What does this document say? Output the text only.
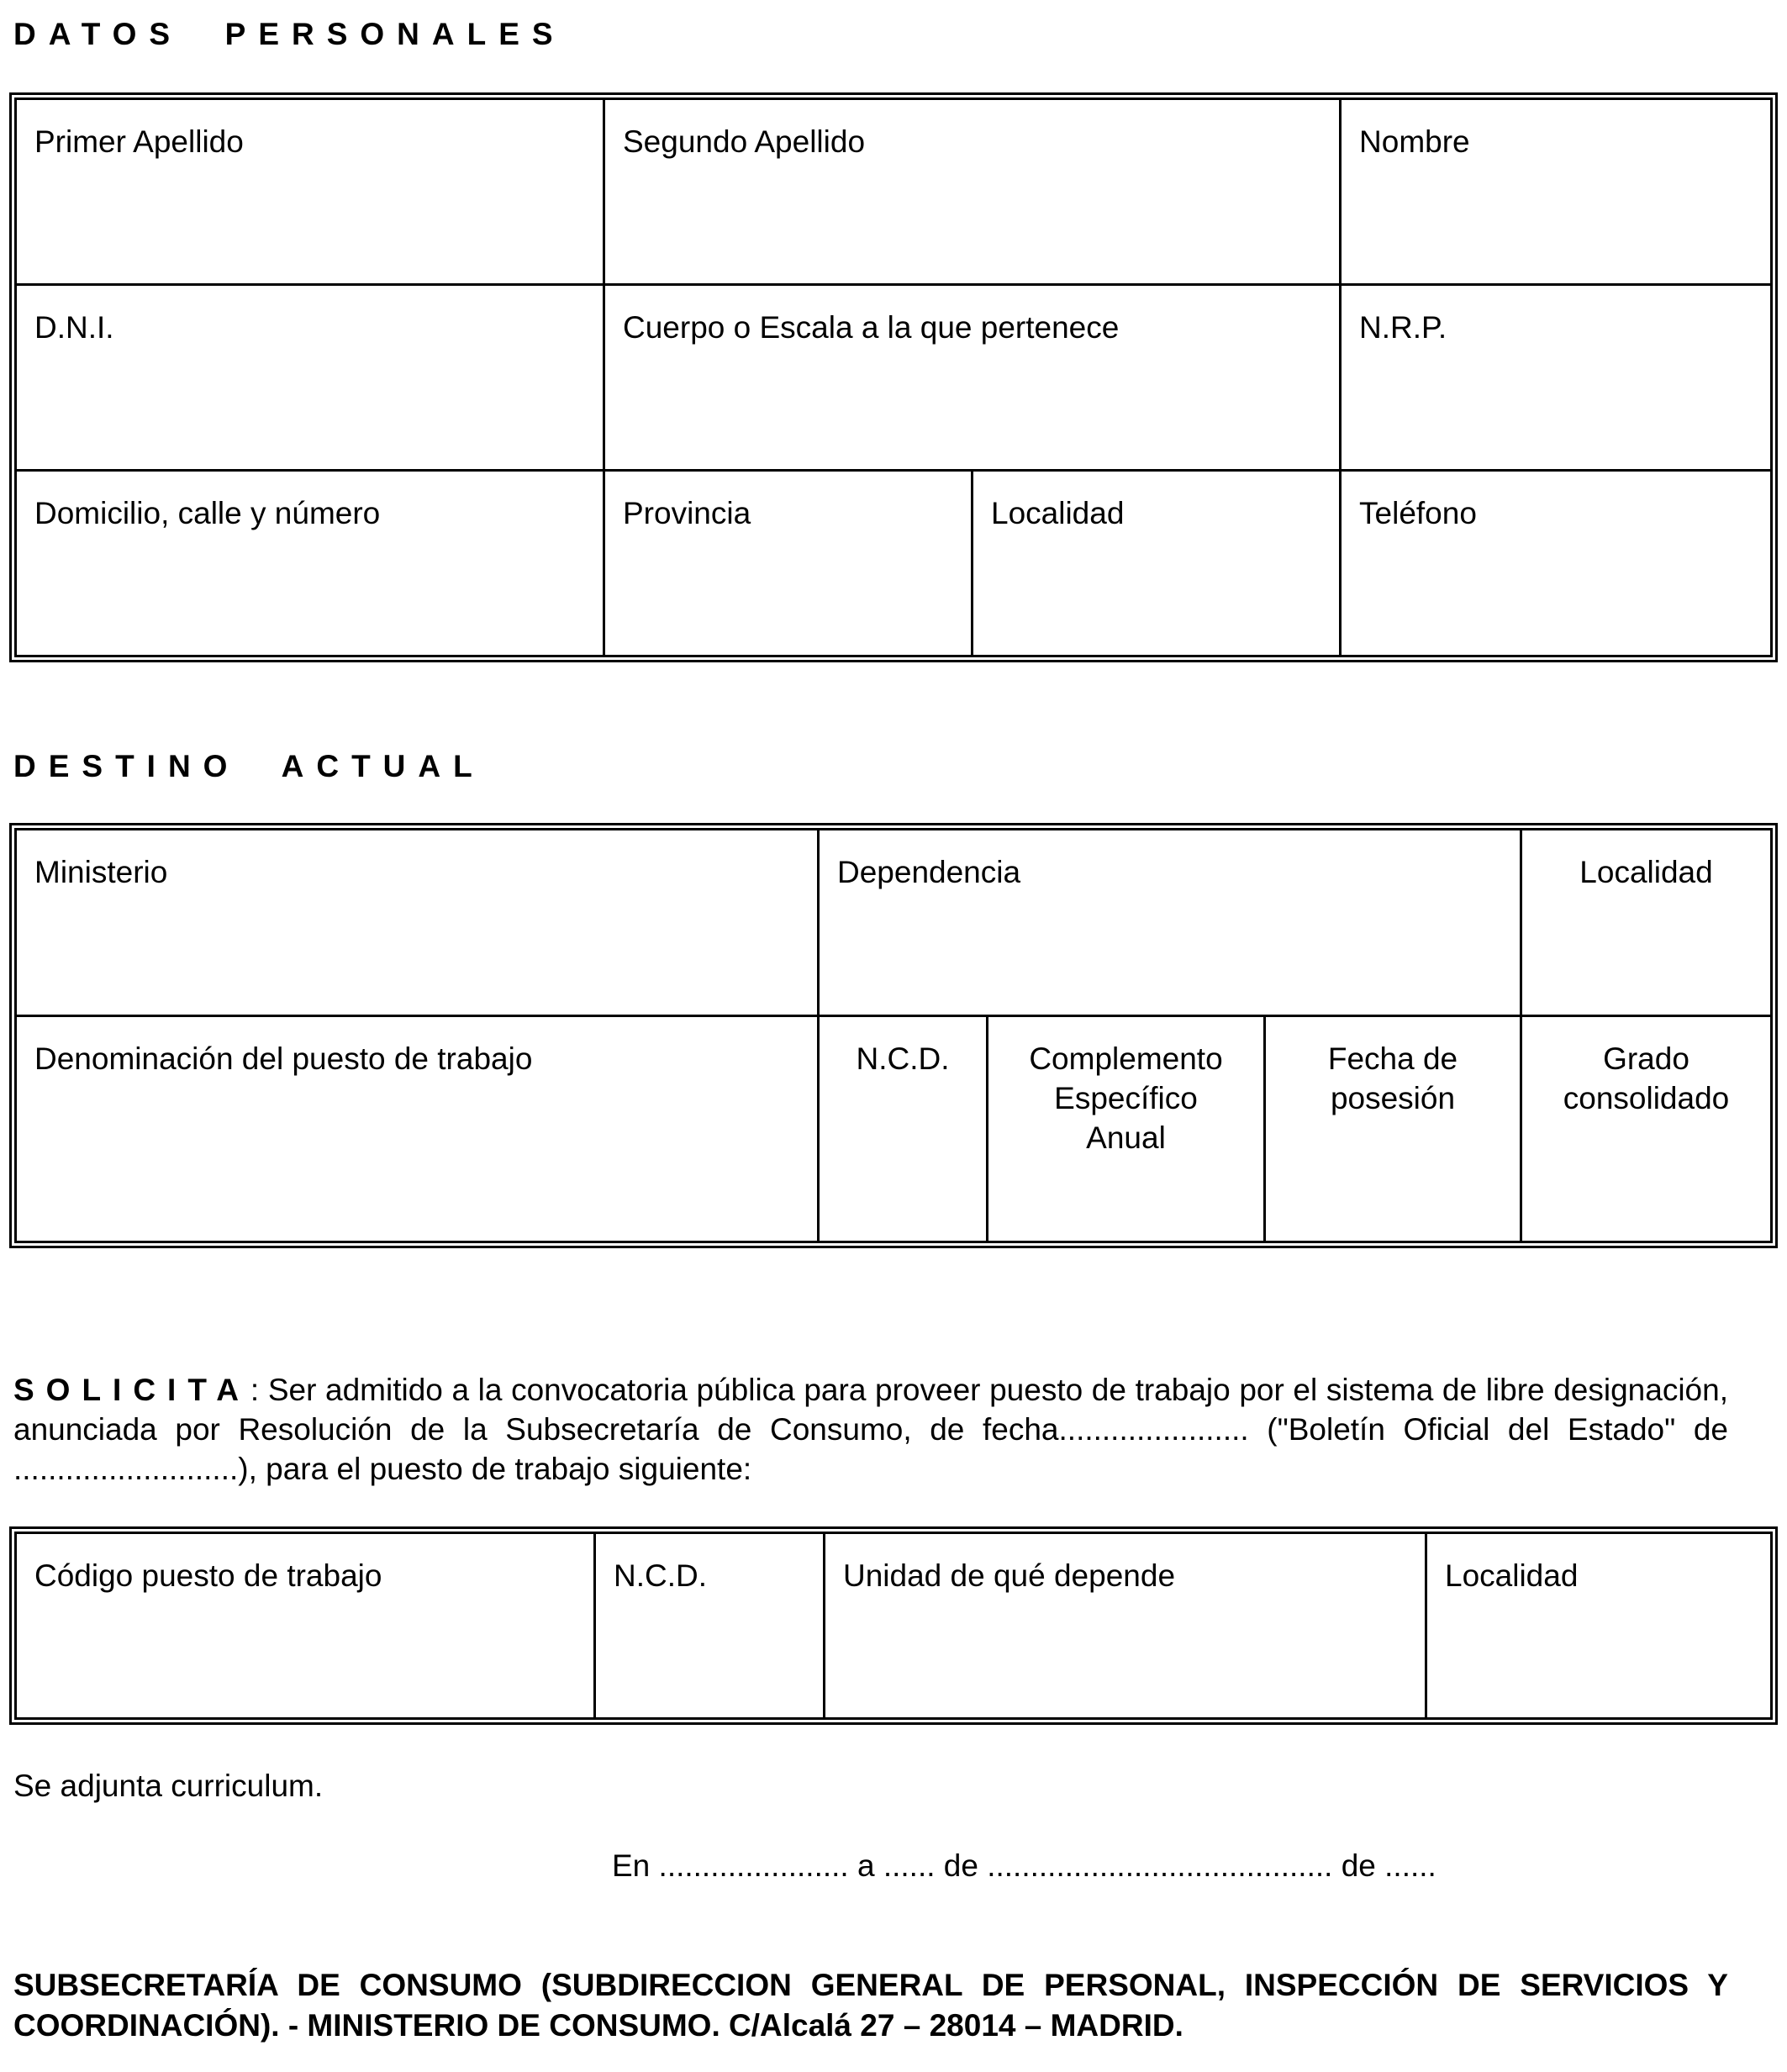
DATOS  PERSONALES
Primer Apellido	Segundo Apellido		Nombre
D.N.I.	Cuerpo o Escala a la que pertenece		N.R.P.
Domicilio, calle y número	Provincia	Localidad	Teléfono
DESTINO  ACTUAL
Ministerio	Dependencia			Localidad
Denominación del puesto de trabajo	N.C.D.	Complemento Específico Anual	Fecha de posesión	Grado consolidado
SOLICITA: Ser admitido a la convocatoria pública para proveer puesto de trabajo por el sistema de libre designación, anunciada por Resolución de la Subsecretaría de Consumo, de fecha...................... ("Boletín Oficial del Estado" de ..........................), para el puesto de trabajo siguiente:
Código puesto de trabajo	N.C.D.	Unidad de qué depende	Localidad
Se adjunta curriculum.
En ...................... a ...... de ........................................ de ......
SUBSECRETARÍA DE CONSUMO (SUBDIRECCION GENERAL DE PERSONAL, INSPECCIÓN DE SERVICIOS Y COORDINACIÓN). - MINISTERIO DE CONSUMO. C/Alcalá 27 – 28014 – MADRID.
